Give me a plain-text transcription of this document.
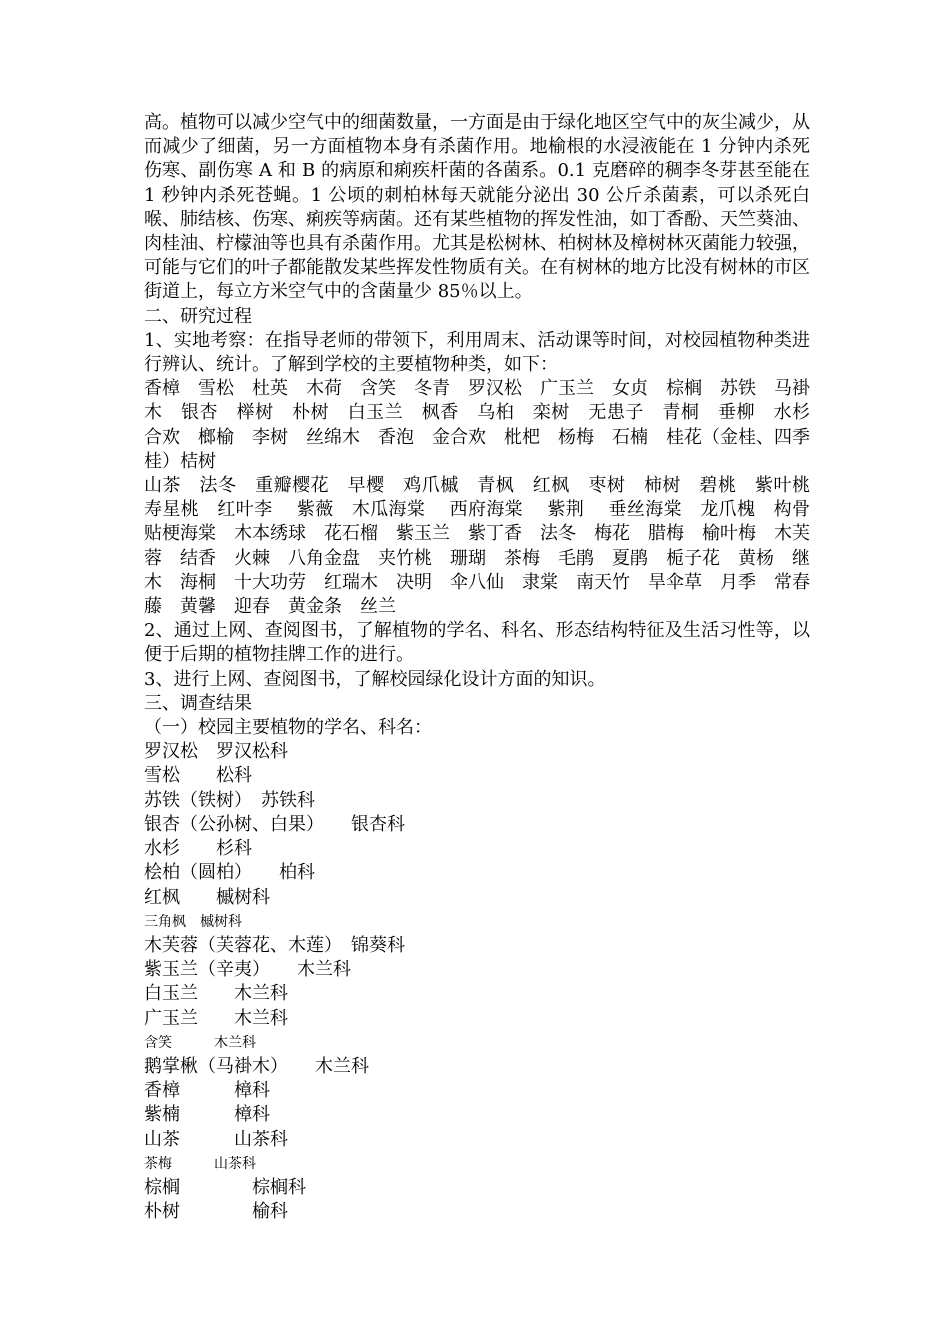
高。植物可以减少空气中的细菌数量，一方面是由于绿化地区空气中的灰尘减少，从而减少了细菌，另一方面植物本身有杀菌作用。地榆根的水浸液能在 1 分钟内杀死伤寒、副伤寒 A 和 B 的病原和痢疾杆菌的各菌系。0.1 克磨碎的稠李冬芽甚至能在 1 秒钟内杀死苍蝇。1 公顷的刺柏林每天就能分泌出 30 公斤杀菌素，可以杀死白喉、肺结核、伤寒、痢疾等病菌。还有某些植物的挥发性油，如丁香酚、天竺葵油、肉桂油、柠檬油等也具有杀菌作用。尤其是松树林、柏树林及樟树林灭菌能力较强，可能与它们的叶子都能散发某些挥发性物质有关。在有树林的地方比没有树林的市区街道上，每立方米空气中的含菌量少 85％以上。

二、研究过程

1、实地考察：在指导老师的带领下，利用周末、活动课等时间，对校园植物种类进行辨认、统计。了解到学校的主要植物种类，如下：

香樟　雪松　杜英　木荷　含笑　冬青　罗汉松　广玉兰　女贞　棕榈　苏铁　马褂木　银杏　榉树　朴树　白玉兰　枫香　乌桕　栾树　无患子　青桐　垂柳　水杉　合欢　榔榆　李树　丝绵木　香泡　金合欢　枇杷　杨梅　石楠　桂花（金桂、四季桂）桔树

山茶　法冬　重瓣樱花　早樱　鸡爪槭　青枫　红枫　枣树　柿树　碧桃　紫叶桃　寿星桃　红叶李　 紫薇　木瓜海棠　 西府海棠　 紫荆　 垂丝海棠　龙爪槐　构骨　贴梗海棠　木本绣球　花石榴　紫玉兰　紫丁香　法冬　梅花　腊梅　榆叶梅　木芙蓉　结香　火棘　八角金盘　夹竹桃　珊瑚　茶梅　毛鹃　夏鹃　栀子花　黄杨　继木　海桐　十大功劳　红瑞木　决明　伞八仙　隶棠　南天竹　旱伞草　月季　常春藤　黄馨　迎春　黄金条　丝兰

2、通过上网、查阅图书，了解植物的学名、科名、形态结构特征及生活习性等，以便于后期的植物挂牌工作的进行。

3、进行上网、查阅图书，了解校园绿化设计方面的知识。

三、调查结果

（一）校园主要植物的学名、科名：

罗汉松　罗汉松科

雪松　　松科

苏铁（铁树）　苏铁科

银杏（公孙树、白果）　　银杏科

水杉　　杉科

桧柏（圆柏）　　柏科

红枫　　槭树科

三角枫　槭树科

木芙蓉（芙蓉花、木莲）　锦葵科

紫玉兰（辛夷）　　木兰科

白玉兰　　木兰科

广玉兰　　木兰科

含笑　　　木兰科

鹅掌楸（马褂木）　　木兰科

香樟　　　樟科

紫楠　　　樟科

山茶　　　山茶科

茶梅　　　山茶科

棕榈　　　　棕榈科

朴树　　　　榆科
